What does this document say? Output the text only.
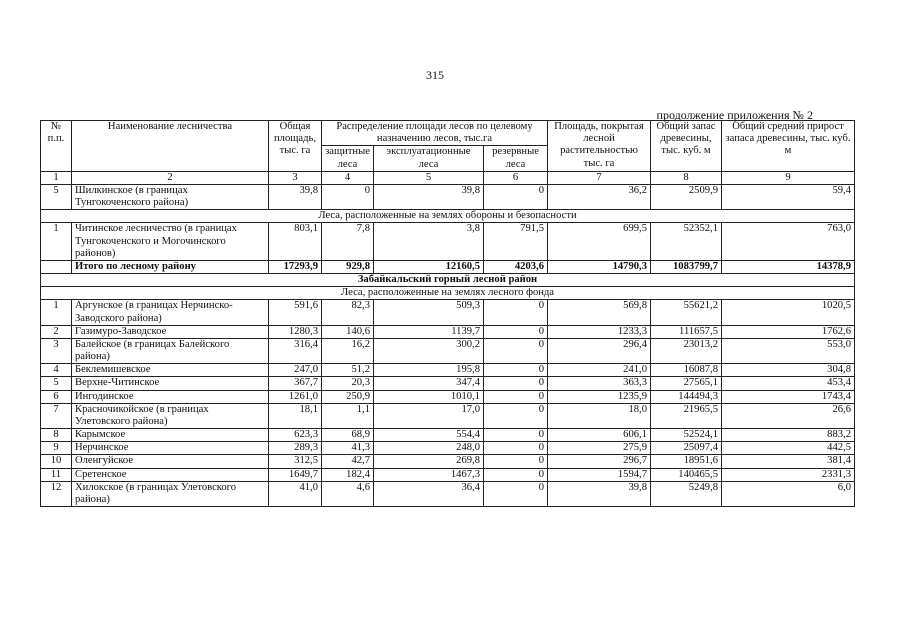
315
продолжение приложения № 2
№ п.п.	Наименование лесничества	Общая площадь, тыс. га	Распределение площади лесов по целевому назначению лесов, тыс.га			Площадь, покрытая лесной растительностью тыс. га	Общий запас древесины, тыс. куб. м	Общий средний прирост запаса древесины, тыс. куб. м
			защитные леса	эксплуатационные леса	резервные леса			
1	2	3	4	5	6	7	8	9
5	Шилкинское (в границах Тунгокоченского района)	39,8	0	39,8	0	36,2	2509,9	59,4
Леса, расположенные на землях обороны и безопасности								
1	Читинское лесничество (в границах Тунгокоченского и Могочинского районов)	803,1	7,8	3,8	791,5	699,5	52352,1	763,0
	Итого по лесному району	17293,9	929,8	12160,5	4203,6	14790,3	1083799,7	14378,9
Забайкальский горный лесной район								
Леса, расположенные на землях лесного фонда								
1	Аргунское (в границах Нерчинско-Заводского района)	591,6	82,3	509,3	0	569,8	55621,2	1020,5
2	Газимуро-Заводское	1280,3	140,6	1139,7	0	1233,3	111657,5	1762,6
3	Балейское (в границах Балейского района)	316,4	16,2	300,2	0	296,4	23013,2	553,0
4	Беклемишевское	247,0	51,2	195,8	0	241,0	16087,8	304,8
5	Верхне-Читинское	367,7	20,3	347,4	0	363,3	27565,1	453,4
6	Ингодинское	1261,0	250,9	1010,1	0	1235,9	144494,3	1743,4
7	Красночикойское (в границах Улетовского района)	18,1	1,1	17,0	0	18,0	21965,5	26,6
8	Карымское	623,3	68,9	554,4	0	606,1	52524,1	883,2
9	Нерчинское	289,3	41,3	248,0	0	275,9	25097,4	442,5
10	Оленгуйское	312,5	42,7	269,8	0	296,7	18951,6	381,4
11	Сретенское	1649,7	182,4	1467,3	0	1594,7	140465,5	2331,3
12	Хилокское (в границах Улетовского района)	41,0	4,6	36,4	0	39,8	5249,8	6,0
